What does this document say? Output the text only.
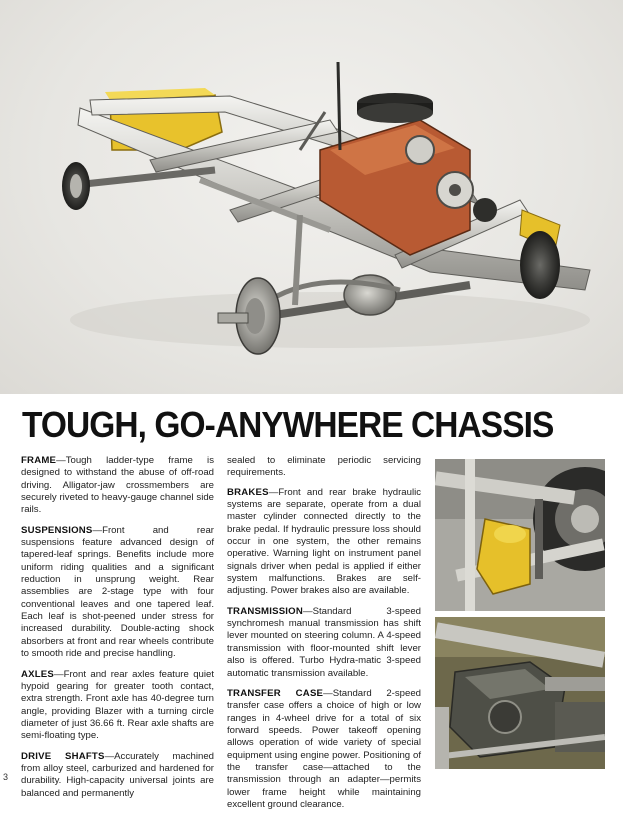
TOUGH, GO-ANYWHERE CHASSIS

FRAME—Tough ladder-type frame is designed to withstand the abuse of off-road driving. Alligator-jaw crossmembers are securely riveted to heavy-gauge channel side rails.

SUSPENSIONS—Front and rear suspensions feature advanced design of tapered-leaf springs. Benefits include more uniform riding qualities and a significant reduction in unsprung weight. Rear assemblies are 2-stage type with four conventional leaves and one tapered leaf. Each leaf is shot-peened under stress for increased durability. Double-acting shock absorbers at front and rear wheels contribute to smooth ride and precise handling.

AXLES—Front and rear axles feature quiet hypoid gearing for greater tooth contact, extra strength. Front axle has 40-degree turn angle, providing Blazer with a turning circle diameter of just 36.66 ft. Rear axle shafts are semi-floating type.

DRIVE SHAFTS—Accurately machined from alloy steel, carburized and hardened for durability. High-capacity universal joints are balanced and permanently

sealed to eliminate periodic servicing requirements.

BRAKES—Front and rear brake hydraulic systems are separate, operate from a dual master cylinder connected directly to the brake pedal. If hydraulic pressure loss should occur in one system, the other remains operative. Warning light on instrument panel signals driver when pedal is applied if either system malfunctions. Brakes are self-adjusting. Power brakes also are available.

TRANSMISSION—Standard 3-speed synchromesh manual transmission has shift lever mounted on steering column. A 4-speed transmission with floor-mounted shift lever also is offered. Turbo Hydra-matic 3-speed automatic transmission available.

TRANSFER CASE—Standard 2-speed transfer case offers a choice of high or low ranges in 4-wheel drive for a total of six forward speeds. Power takeoff opening allows operation of wide variety of special equipment using engine power. Positioning of the transfer case—attached to the transmission through an adapter—permits lower frame height while maintaining excellent ground clearance.

3
